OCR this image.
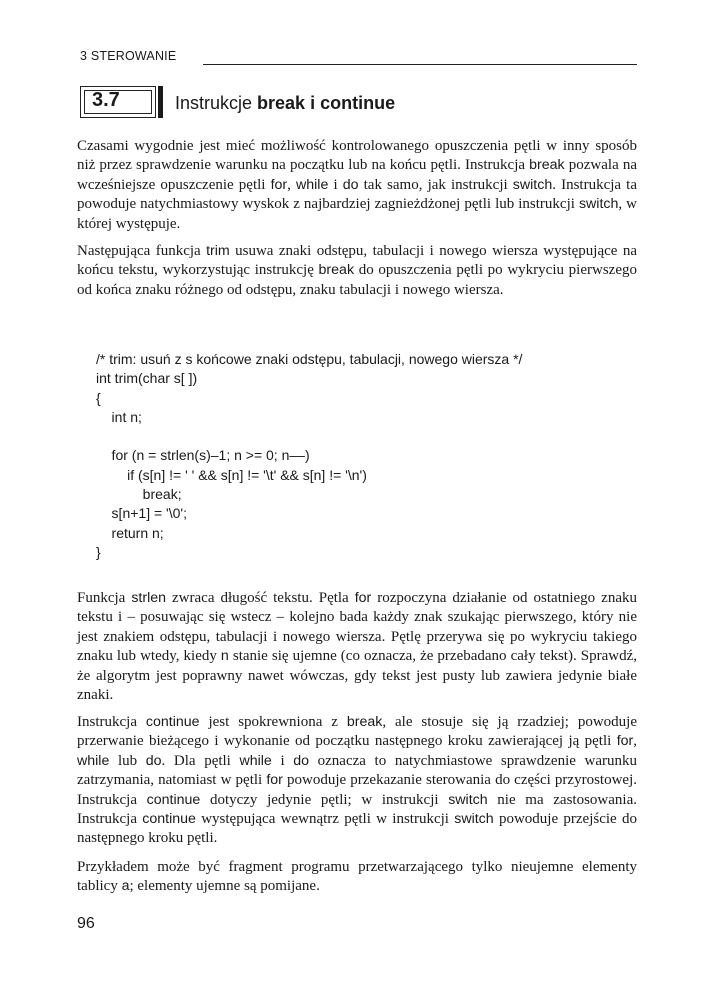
3 STEROWANIE
3.7	Instrukcje break i continue

Czasami wygodnie jest mieć możliwość kontrolowanego opuszczenia pętli w inny sposób niż przez sprawdzenie warunku na początku lub na końcu pętli. Instrukcja break pozwala na wcześniejsze opuszczenie pętli for, while i do tak samo, jak instrukcji switch. Instrukcja ta powoduje natychmiastowy wyskok z najbardziej zagnieżdżonej pętli lub instrukcji switch, w której występuje.

Następująca funkcja trim usuwa znaki odstępu, tabulacji i nowego wiersza występujące na końcu tekstu, wykorzystując instrukcję break do opuszczenia pętli po wykryciu pierwszego od końca znaku różnego od odstępu, znaku tabulacji i nowego wiersza.

/* trim: usuń z s końcowe znaki odstępu, tabulacji, nowego wiersza */
int trim(char s[ ])
{
int n;
for (n = strlen(s)–1; n >= 0; n––)
if (s[n] != ' ' && s[n] != '\t' && s[n] != '\n')
break;
s[n+1] = '\0';
return n;
}

Funkcja strlen zwraca długość tekstu. Pętla for rozpoczyna działanie od ostatniego znaku tekstu i – posuwając się wstecz – kolejno bada każdy znak szukając pierwszego, który nie jest znakiem odstępu, tabulacji i nowego wiersza. Pętlę przerywa się po wykryciu takiego znaku lub wtedy, kiedy n stanie się ujemne (co oznacza, że przebadano cały tekst). Sprawdź, że algorytm jest poprawny nawet wówczas, gdy tekst jest pusty lub zawiera jedynie białe znaki.

Instrukcja continue jest spokrewniona z break, ale stosuje się ją rzadziej; powoduje przerwanie bieżącego i wykonanie od początku następnego kroku zawierającej ją pętli for, while lub do. Dla pętli while i do oznacza to natychmiastowe sprawdzenie warunku zatrzymania, natomiast w pętli for powoduje przekazanie sterowania do części przyrostowej. Instrukcja continue dotyczy jedynie pętli; w instrukcji switch nie ma zastosowania. Instrukcja continue występująca wewnątrz pętli w instrukcji switch powoduje przejście do następnego kroku pętli.

Przykładem może być fragment programu przetwarzającego tylko nieujemne elementy tablicy a; elementy ujemne są pomijane.

96
